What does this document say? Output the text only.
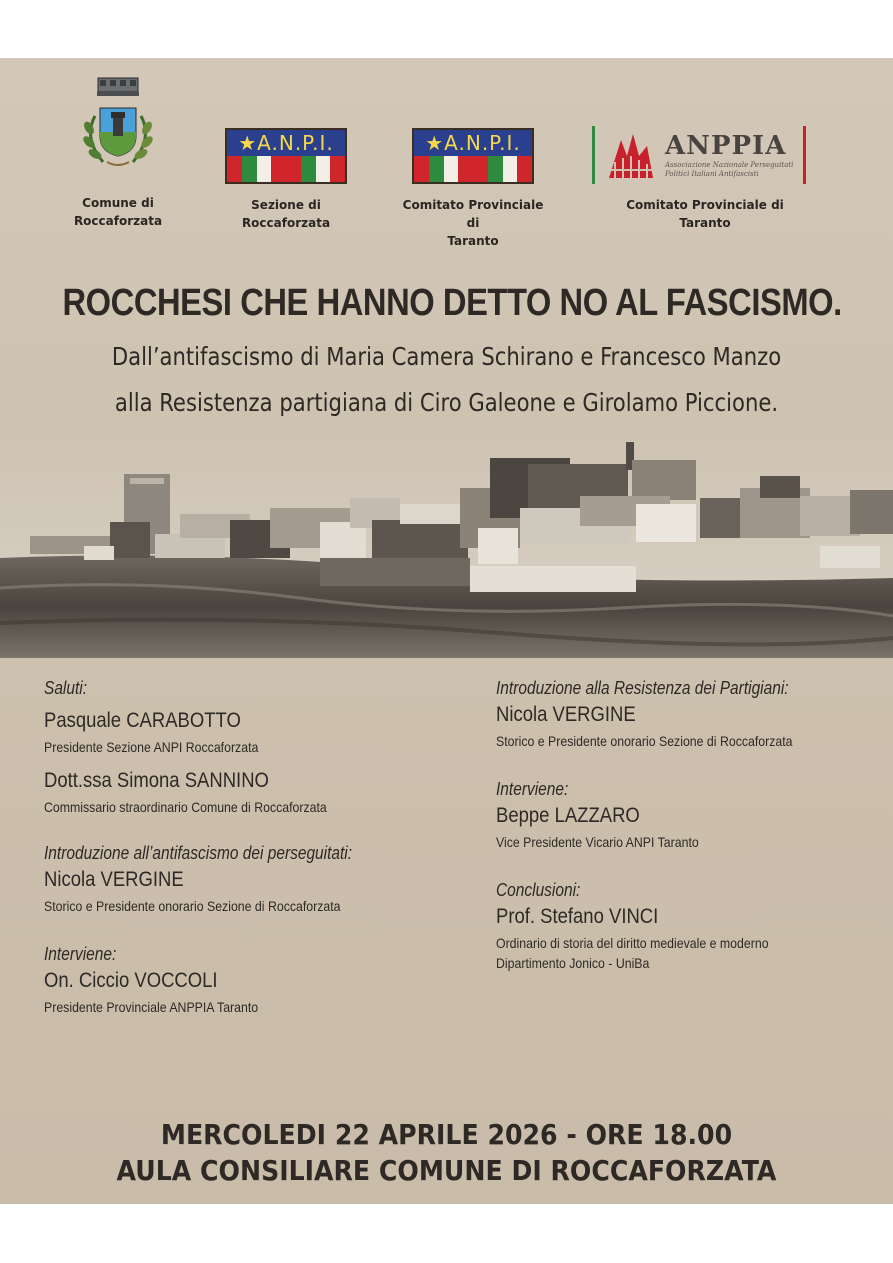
Comune di
Roccaforzata
★A.N.P.I.
Sezione di
Roccaforzata
★A.N.P.I.
Comitato Provinciale di
Taranto
ANPPIA
Associazione Nazionale Perseguitati
Politici Italiani Antifascisti
Comitato Provinciale di
Taranto
ROCCHESI CHE HANNO DETTO NO AL FASCISMO.
Dall’antifascismo di Maria Camera Schirano e Francesco Manzo
alla Resistenza partigiana di Ciro Galeone e Girolamo Piccione.
Saluti:
Pasquale CARABOTTO
Presidente Sezione ANPI Roccaforzata
Dott.ssa Simona SANNINO
Commissario straordinario Comune di Roccaforzata
Introduzione all’antifascismo dei perseguitati:
Nicola VERGINE
Storico e Presidente onorario Sezione di Roccaforzata
Interviene:
On. Ciccio VOCCOLI
Presidente Provinciale ANPPIA Taranto
Introduzione alla Resistenza dei Partigiani:
Nicola VERGINE
Storico e Presidente onorario Sezione di Roccaforzata
Interviene:
Beppe LAZZARO
Vice Presidente Vicario ANPI Taranto
Conclusioni:
Prof. Stefano VINCI
Ordinario di storia del diritto medievale e moderno
Dipartimento Jonico - UniBa
MERCOLEDI 22 APRILE 2026 - ORE 18.00
AULA CONSILIARE COMUNE DI ROCCAFORZATA
